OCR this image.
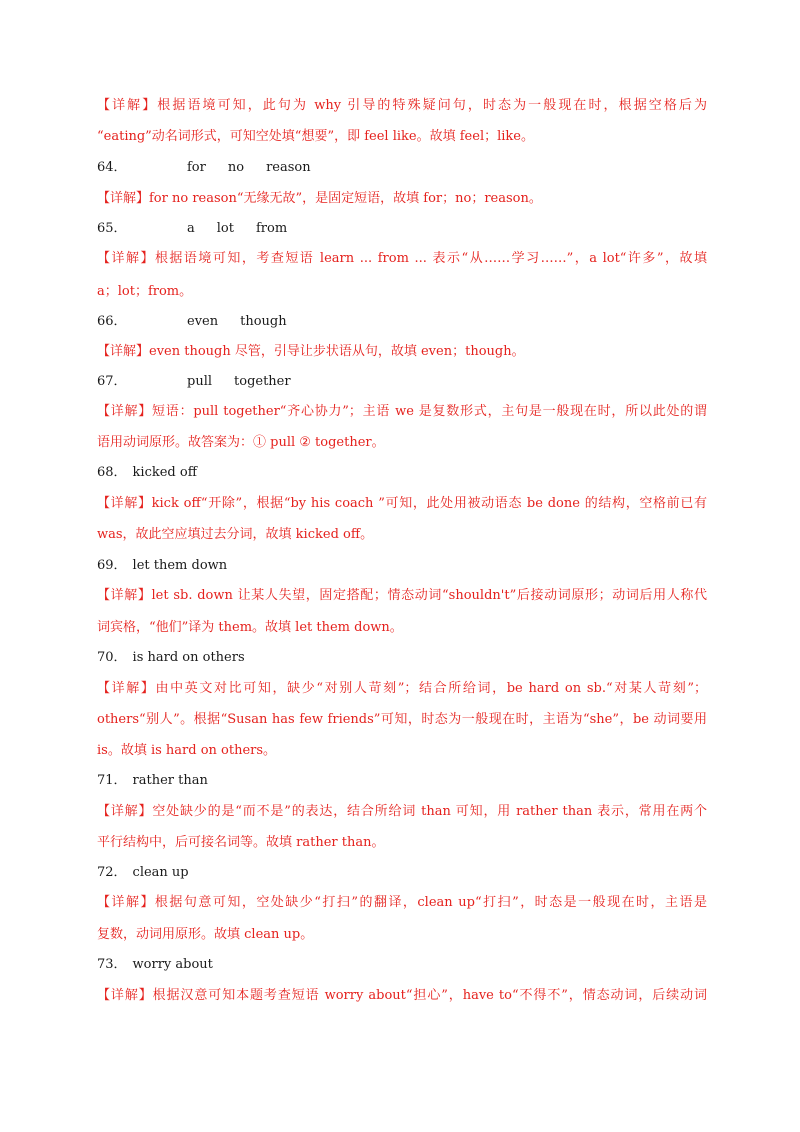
【详解】根据语境可知，此句为 why 引导的特殊疑问句，时态为一般现在时，根据空格后为
“eating”动名词形式，可知空处填“想要”，即 feel like。故填 feel；like。
64．	for no reason
【详解】for no reason“无缘无故”，是固定短语，故填 for；no；reason。
65．	a lot from
【详解】根据语境可知，考查短语 learn ... from ... 表示“从……学习……”，a lot“许多”，故填
a；lot；from。
66．	even though
【详解】even though 尽管，引导让步状语从句，故填 even；though。
67．	pull together
【详解】短语：pull together“齐心协力”；主语 we 是复数形式，主句是一般现在时，所以此处的谓
语用动词原形。故答案为：① pull ② together。
68． kicked off
【详解】kick off“开除”，根据“by his coach ”可知，此处用被动语态 be done 的结构，空格前已有
was，故此空应填过去分词，故填 kicked off。
69． let them down
【详解】let sb. down 让某人失望，固定搭配；情态动词“shouldn't”后接动词原形；动词后用人称代
词宾格，“他们”译为 them。故填 let them down。
70． is hard on others
【详解】由中英文对比可知，缺少“对别人苛刻”；结合所给词，be hard on sb.“对某人苛刻”；
others“别人”。根据“Susan has few friends”可知，时态为一般现在时，主语为“she”，be 动词要用
is。故填 is hard on others。
71． rather than
【详解】空处缺少的是“而不是”的表达，结合所给词 than 可知，用 rather than 表示，常用在两个
平行结构中，后可接名词等。故填 rather than。
72． clean up
【详解】根据句意可知，空处缺少“打扫”的翻译，clean up“打扫”，时态是一般现在时，主语是
复数，动词用原形。故填 clean up。
73． worry about
【详解】根据汉意可知本题考查短语 worry about“担心”，have to“不得不”，情态动词，后续动词
